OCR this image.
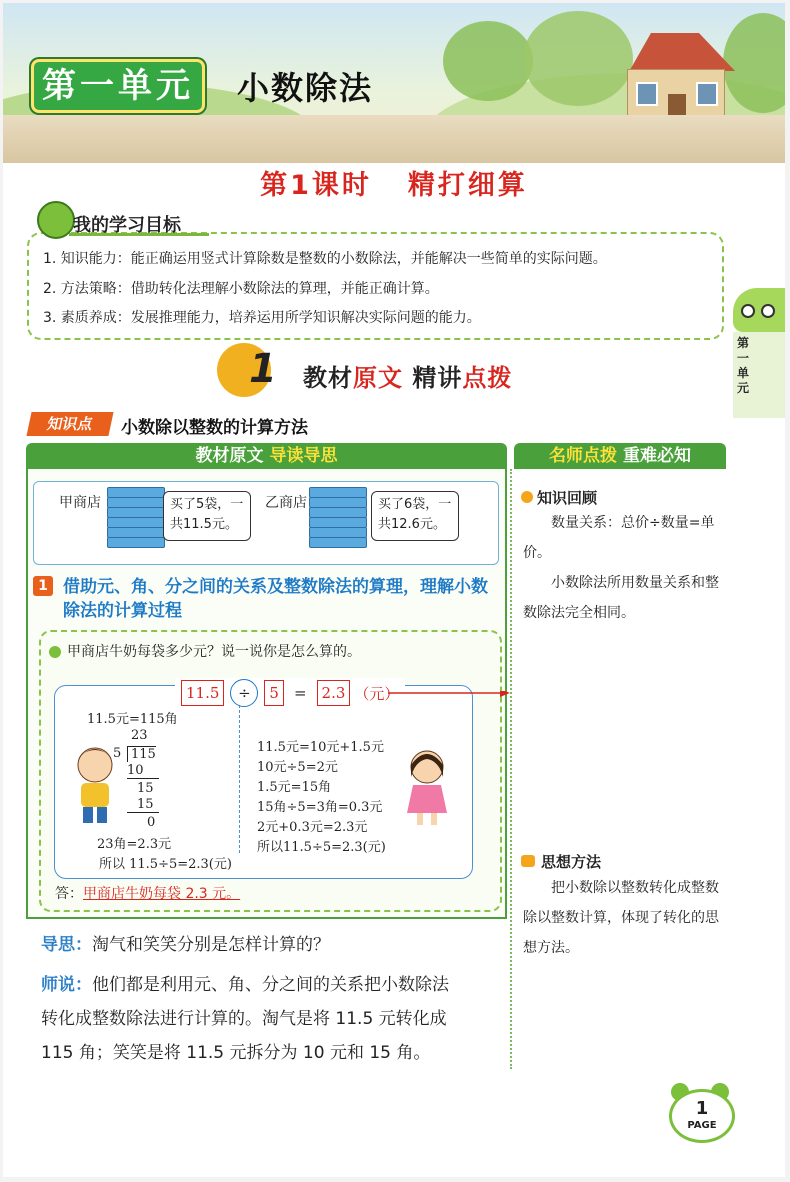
第一单元	小数除法
第1课时 精打细算
1. 知识能力：能正确运用竖式计算除数是整数的小数除法，并能解决一些简单的实际问题。
2. 方法策略：借助转化法理解小数除法的算理，并能正确计算。
3. 素质养成：发展推理能力，培养运用所学知识解决实际问题的能力。
我的学习目标
第一单元
1 教材原文 精讲点拨
知识点	小数除以整数的计算方法
教材原文 导读导思	名师点拨 重难必知
甲商店	买了5袋，一共11.5元。
乙商店	买了6袋，一共12.6元。
1 借助元、角、分之间的关系及整数除法的算理，理解小数除法的计算过程
甲商店牛奶每袋多少元？说一说你是怎么算的。
11.5	÷	5	=	2.3 （元）
11.5元=115角
23
5 115
10
15
15
0
23角=2.3元
所以 11.5÷5=2.3(元)
11.5元=10元+1.5元
10元÷5=2元
1.5元=15角
15角÷5=3角=0.3元
2元+0.3元=2.3元
所以11.5÷5=2.3(元)
答：甲商店牛奶每袋 2.3 元。
导思：淘气和笑笑分别是怎样计算的？
师说：他们都是利用元、角、分之间的关系把小数除法
转化成整数除法进行计算的。淘气是将 11.5 元转化成
115 角；笑笑是将 11.5 元拆分为 10 元和 15 角。
知识回顾
数量关系：总价÷数量=单价。
小数除法所用数量关系和整数除法完全相同。
思想方法
把小数除以整数转化成整数除以整数计算，体现了转化的思想方法。
1
PAGE
